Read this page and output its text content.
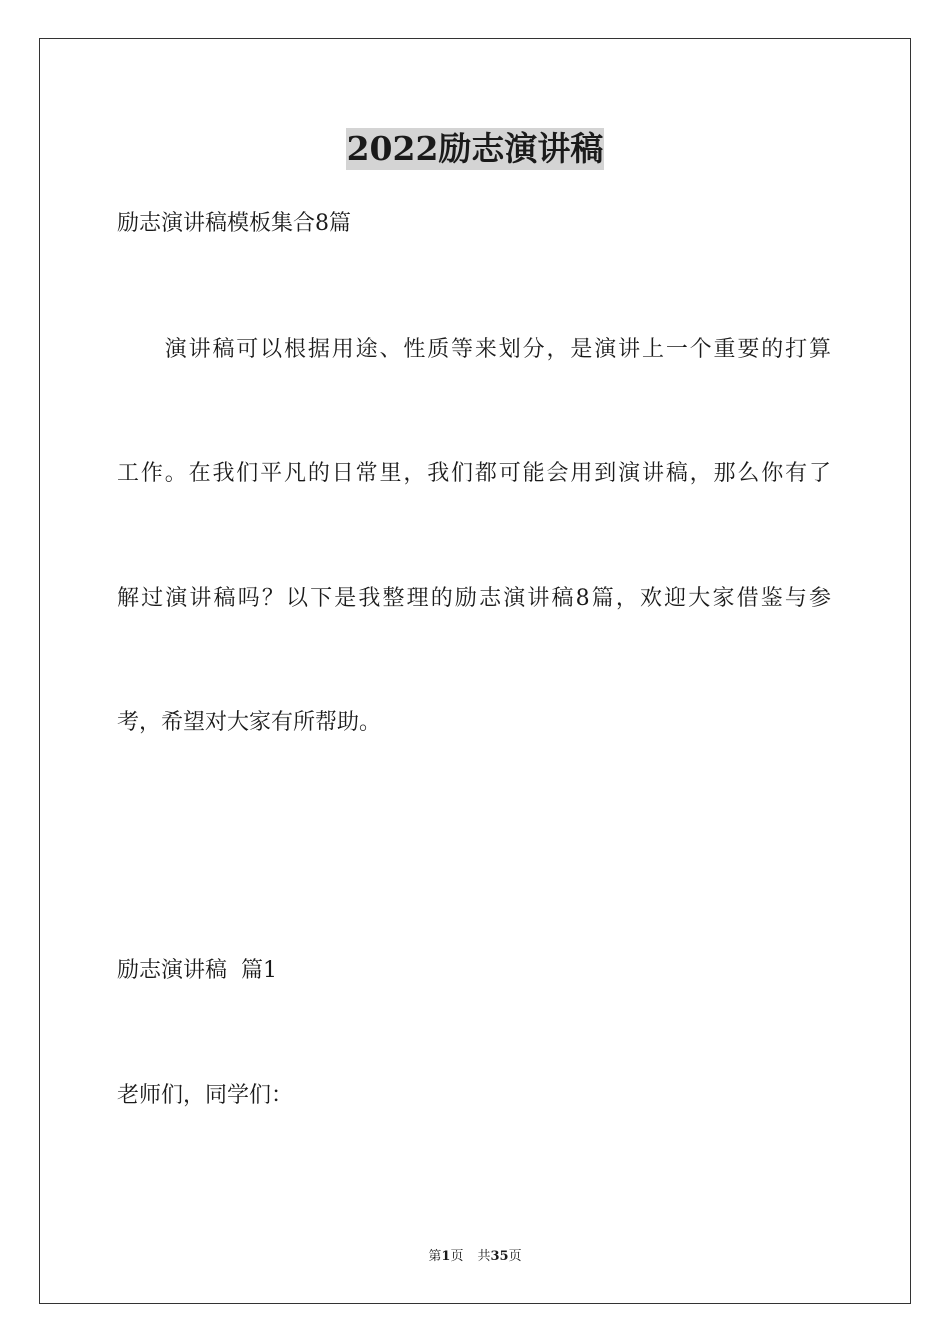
2022励志演讲稿
励志演讲稿模板集合8篇
　　演讲稿可以根据用途、性质等来划分，是演讲上一个重要的打算
工作。在我们平凡的日常里，我们都可能会用到演讲稿，那么你有了
解过演讲稿吗？以下是我整理的励志演讲稿8篇，欢迎大家借鉴与参
考，希望对大家有所帮助。
励志演讲稿  篇1
老师们，同学们：
第1页 共35页
